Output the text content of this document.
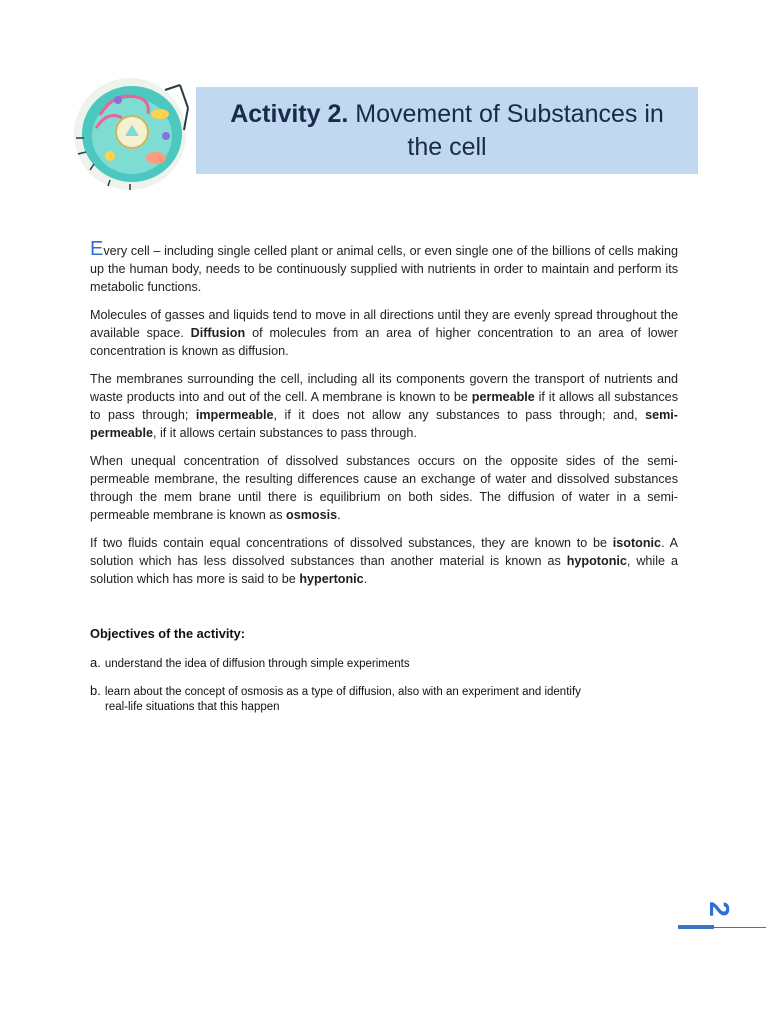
Activity 2. Movement of Substances in
the cell

Every cell – including single celled plant or animal cells, or even single one of the billions of cells making up the human body, needs to be continuously supplied with nutrients in order to maintain and perform its metabolic functions.

Molecules of gasses and liquids tend to move in all directions until they are evenly spread throughout the available space. Diffusion of molecules from an area of higher concentration to an area of lower concentration is known as diffusion.

The membranes surrounding the cell, including all its components govern the transport of nutrients and waste products into and out of the cell. A membrane is known to be permeable if it allows all substances to pass through; impermeable, if it does not allow any substances to pass through; and, semi-permeable, if it allows certain substances to pass through.

When unequal concentration of dissolved substances occurs on the opposite sides of the semi-permeable membrane, the resulting differences cause an exchange of water and dissolved substances through the mem brane until there is equilibrium on both sides. The diffusion of water in a semi-permeable membrane is known as osmosis.

If two fluids contain equal concentrations of dissolved substances, they are known to be isotonic. A solution which has less dissolved substances than another material is known as hypotonic, while a solution which has more is said to be hypertonic.

Objectives of the activity:
a. understand the idea of diffusion through simple experiments
b. learn about the concept of osmosis as a type of diffusion, also with an experiment and identify
real-life situations that this happen
2
